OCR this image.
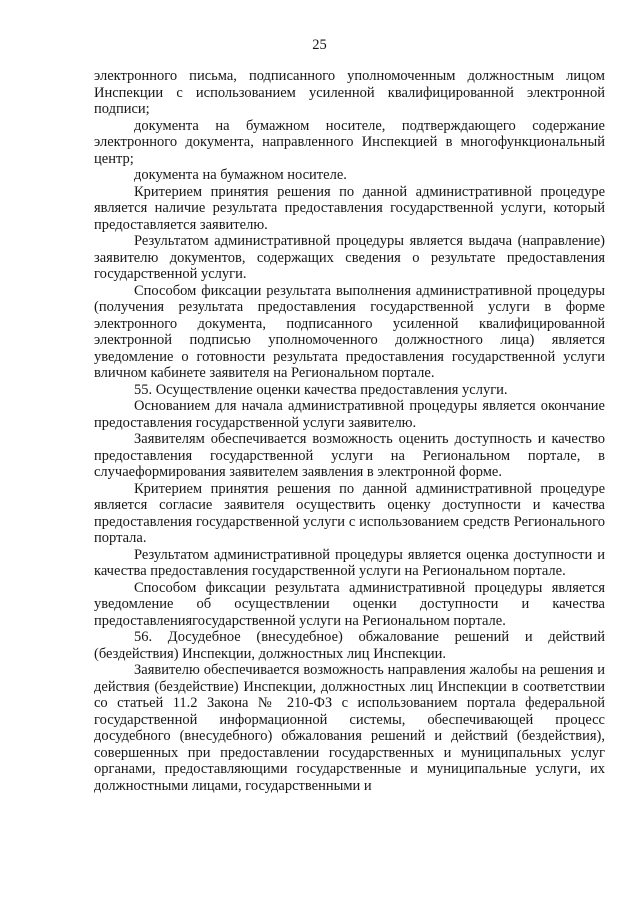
25

электронного письма, подписанного уполномоченным должностным лицом Инспекции с использованием усиленной квалифицированной электронной подписи;

документа на бумажном носителе, подтверждающего содержание электронного документа, направленного Инспекцией в многофункциональный центр;

документа на бумажном носителе.

Критерием принятия решения по данной административной процедуре является наличие результата предоставления государственной услуги, который предоставляется заявителю.

Результатом административной процедуры является выдача (направление) заявителю документов, содержащих сведения о результате предоставления государственной услуги.

Способом фиксации результата выполнения административной процедуры (получения результата предоставления государственной услуги в форме электронного документа, подписанного усиленной квалифицированной электронной подписью уполномоченного должностного лица) является уведомление о готовности результата предоставления государственной услуги вличном кабинете заявителя на Региональном портале.

55. Осуществление оценки качества предоставления услуги.

Основанием для начала административной процедуры является окончание предоставления государственной услуги заявителю.

Заявителям обеспечивается возможность оценить доступность и качество предоставления государственной услуги на Региональном портале, в случаеформирования заявителем заявления в электронной форме.

Критерием принятия решения по данной административной процедуре является согласие заявителя осуществить оценку доступности и качества предоставления государственной услуги с использованием средств Регионального портала.

Результатом административной процедуры является оценка доступности и качества предоставления государственной услуги на Региональном портале.

Способом фиксации результата административной процедуры является уведомление об осуществлении оценки доступности и качества предоставлениягосударственной услуги на Региональном портале.

56. Досудебное (внесудебное) обжалование решений и действий (бездействия) Инспекции, должностных лиц Инспекции.

Заявителю обеспечивается возможность направления жалобы на решения и действия (бездействие) Инспекции, должностных лиц Инспекции в соответствии со статьей 11.2 Закона № 210-ФЗ с использованием портала федеральной государственной информационной системы, обеспечивающей процесс досудебного (внесудебного) обжалования решений и действий (бездействия), совершенных при предоставлении государственных и муниципальных услуг органами, предоставляющими государственные и муниципальные услуги, их должностными лицами, государственными и
